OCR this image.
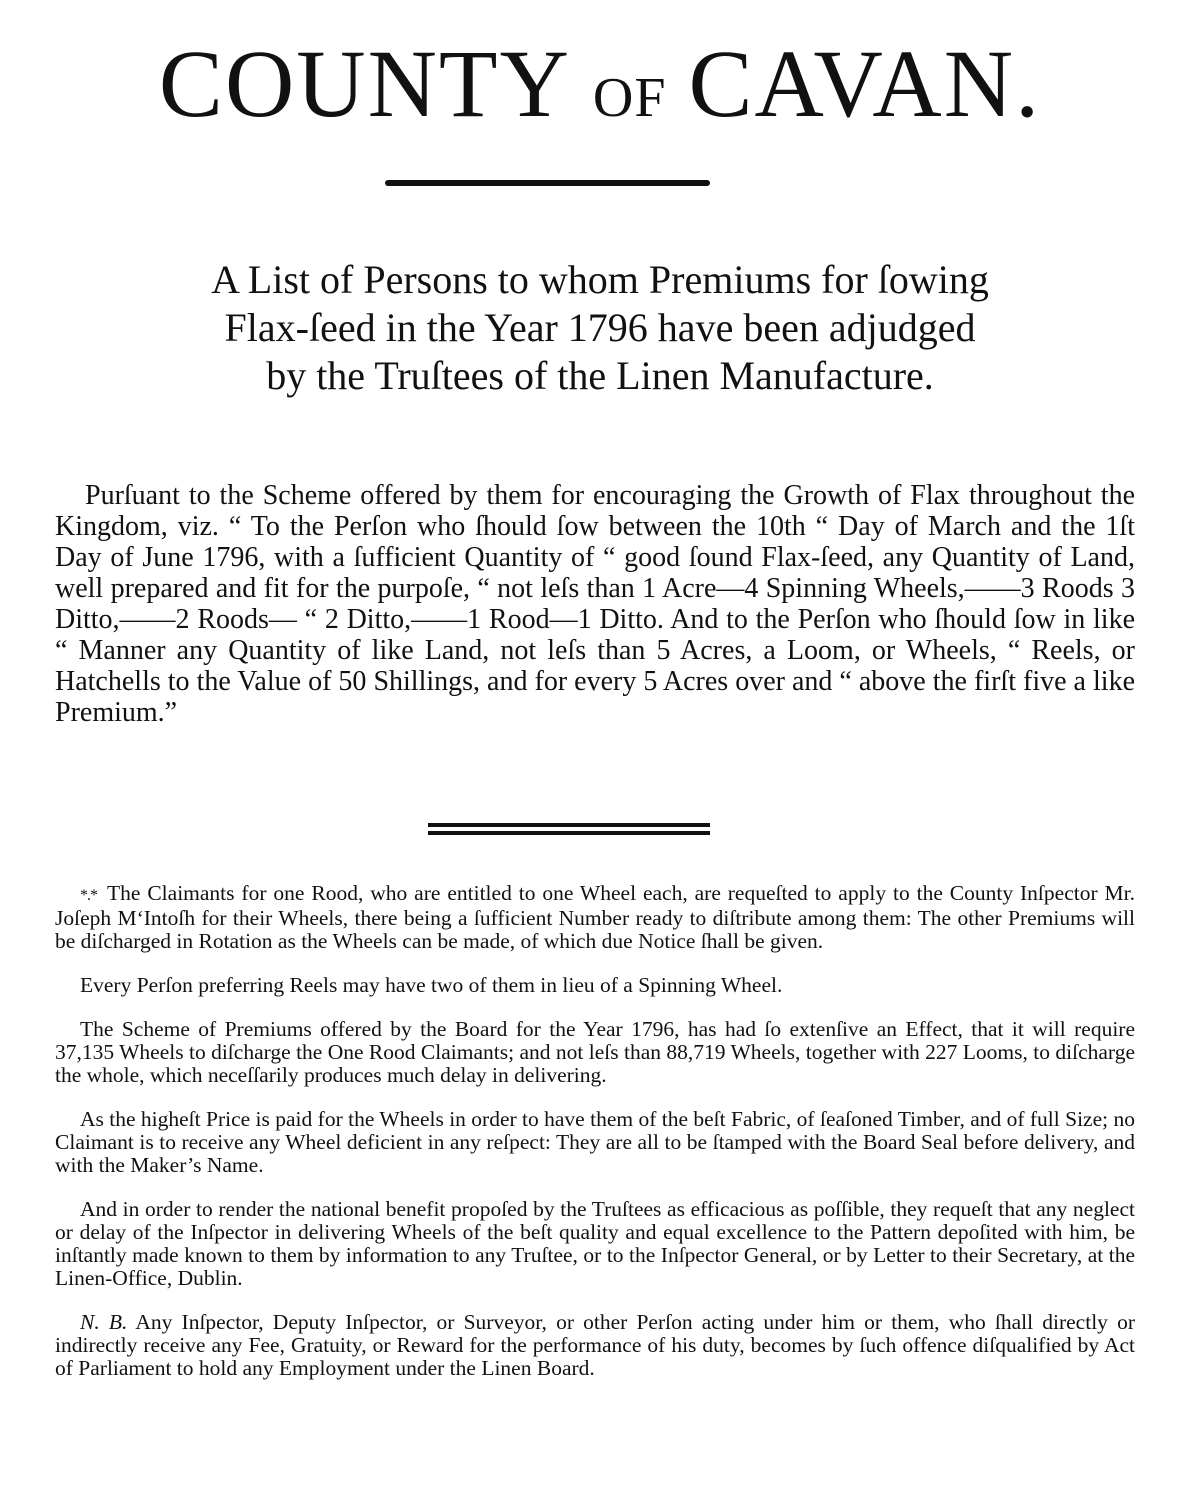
COUNTY OF CAVAN.
A List of Persons to whom Premiums for ſowing
Flax-ſeed in the Year 1796 have been adjudged
by the Truſtees of the Linen Manufacture.

Purſuant to the Scheme offered by them for encouraging the Growth of Flax throughout the Kingdom, viz. “ To the Perſon who ſhould ſow between the 10th “ Day of March and the 1ſt Day of June 1796, with a ſufficient Quantity of “ good ſound Flax-ſeed, any Quantity of Land, well prepared and fit for the purpoſe, “ not leſs than 1 Acre—4 Spinning Wheels,——3 Roods 3 Ditto,——2 Roods— “ 2 Ditto,——1 Rood—1 Ditto. And to the Perſon who ſhould ſow in like “ Manner any Quantity of like Land, not leſs than 5 Acres, a Loom, or Wheels, “ Reels, or Hatchells to the Value of 50 Shillings, and for every 5 Acres over and “ above the firſt five a like Premium.”

*.* The Claimants for one Rood, who are entitled to one Wheel each, are requeſted to apply to the County Inſpector Mr. Joſeph M‘Intoſh for their Wheels, there being a ſufficient Number ready to diſtribute among them: The other Premiums will be diſcharged in Rotation as the Wheels can be made, of which due Notice ſhall be given.

Every Perſon preferring Reels may have two of them in lieu of a Spinning Wheel.

The Scheme of Premiums offered by the Board for the Year 1796, has had ſo extenſive an Effect, that it will require 37,135 Wheels to diſcharge the One Rood Claimants; and not leſs than 88,719 Wheels, together with 227 Looms, to diſcharge the whole, which neceſſarily produces much delay in delivering.

As the higheſt Price is paid for the Wheels in order to have them of the beſt Fabric, of ſeaſoned Timber, and of full Size; no Claimant is to receive any Wheel deficient in any reſpect: They are all to be ſtamped with the Board Seal before delivery, and with the Maker’s Name.

And in order to render the national benefit propoſed by the Truſtees as efficacious as poſſible, they requeſt that any neglect or delay of the Inſpector in delivering Wheels of the beſt quality and equal excellence to the Pattern depoſited with him, be inſtantly made known to them by information to any Truſtee, or to the Inſpector General, or by Letter to their Secretary, at the Linen-Office, Dublin.

N. B. Any Inſpector, Deputy Inſpector, or Surveyor, or other Perſon acting under him or them, who ſhall directly or indirectly receive any Fee, Gratuity, or Reward for the performance of his duty, becomes by ſuch offence diſqualified by Act of Parliament to hold any Employment under the Linen Board.
